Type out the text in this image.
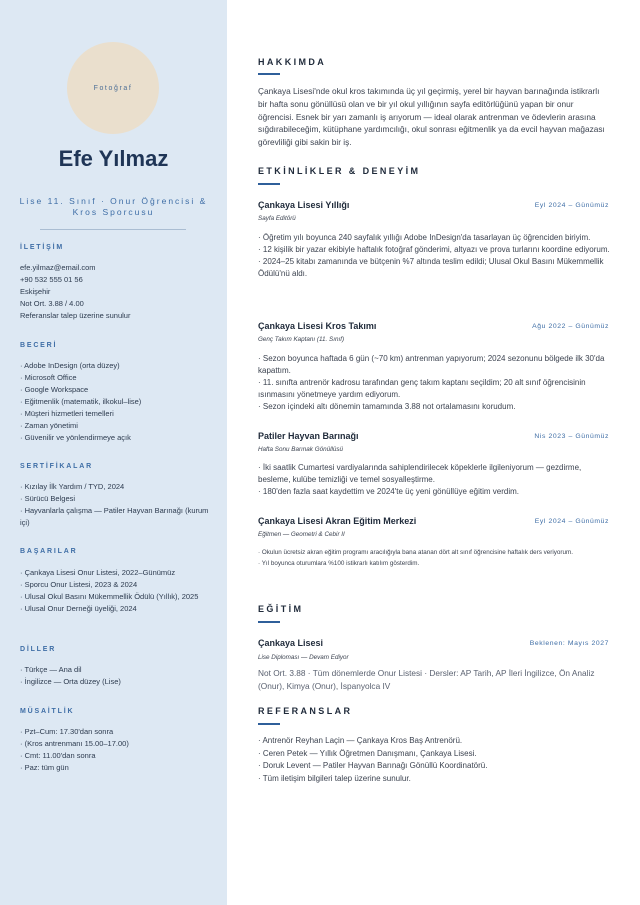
Fotoğraf
Efe Yılmaz
Lise 11. Sınıf · Onur Öğrencisi & Kros Sporcusu
İLETİŞİM
efe.yilmaz@email.com
+90 532 555 01 56
Eskişehir
Not Ort. 3.88 / 4.00
Referanslar talep üzerine sunulur
BECERİ
· Adobe InDesign (orta düzey)
· Microsoft Office
· Google Workspace
· Eğitmenlik (matematik, ilkokul–lise)
· Müşteri hizmetleri temelleri
· Zaman yönetimi
· Güvenilir ve yönlendirmeye açık
SERTİFİKALAR
· Kızılay İlk Yardım / TYD, 2024
· Sürücü Belgesi
· Hayvanlarla çalışma — Patiler Hayvan Barınağı (kurum içi)
BAŞARILAR
· Çankaya Lisesi Onur Listesi, 2022–Günümüz
· Sporcu Onur Listesi, 2023 & 2024
· Ulusal Okul Basını Mükemmellik Ödülü (Yıllık), 2025
· Ulusal Onur Derneği üyeliği, 2024
DİLLER
· Türkçe — Ana dil
· İngilizce — Orta düzey (Lise)
MÜSAİTLİK
· Pzt–Cum: 17.30'dan sonra
· (Kros antrenmanı 15.00–17.00)
· Cmt: 11.00'dan sonra
· Paz: tüm gün
HAKKIMDA

Çankaya Lisesi'nde okul kros takımında üç yıl geçirmiş, yerel bir hayvan barınağında istikrarlı bir hafta sonu gönüllüsü olan ve bir yıl okul yıllığının sayfa editörlüğünü yapan bir onur öğrencisi. Esnek bir yarı zamanlı iş arıyorum — ideal olarak antrenman ve ödevlerin arasına sığdırabileceğim, kütüphane yardımcılığı, okul sonrası eğitmenlik ya da evcil hayvan mağazası görevliliği gibi sakin bir iş.

ETKİNLİKLER & DENEYİM
Çankaya Lisesi Yıllığı	Eyl 2024 – Günümüz
Sayfa Editörü
· Öğretim yılı boyunca 240 sayfalık yıllığı Adobe InDesign'da tasarlayan üç öğrenciden biriyim.
· 12 kişilik bir yazar ekibiyle haftalık fotoğraf gönderimi, altyazı ve prova turlarını koordine ediyorum.
· 2024–25 kitabı zamanında ve bütçenin %7 altında teslim edildi; Ulusal Okul Basını Mükemmellik Ödülü'nü aldı.
Çankaya Lisesi Kros Takımı	Ağu 2022 – Günümüz
Genç Takım Kaptanı (11. Sınıf)
· Sezon boyunca haftada 6 gün (~70 km) antrenman yapıyorum; 2024 sezonunu bölgede ilk 30'da kapattım.
· 11. sınıfta antrenör kadrosu tarafından genç takım kaptanı seçildim; 20 alt sınıf öğrencisinin ısınmasını yönetmeye yardım ediyorum.
· Sezon içindeki altı dönemin tamamında 3.88 not ortalamasını korudum.
Patiler Hayvan Barınağı	Nis 2023 – Günümüz
Hafta Sonu Barınak Gönüllüsü
· İki saatlik Cumartesi vardiyalarında sahiplendirilecek köpeklerle ilgileniyorum — gezdirme, besleme, kulübe temizliği ve temel sosyalleştirme.
· 180'den fazla saat kaydettim ve 2024'te üç yeni gönüllüye eğitim verdim.
Çankaya Lisesi Akran Eğitim Merkezi	Eyl 2024 – Günümüz
Eğitmen — Geometri & Cebir II
· Okulun ücretsiz akran eğitim programı aracılığıyla bana atanan dört alt sınıf öğrencisine haftalık ders veriyorum.
· Yıl boyunca oturumlara %100 istikrarlı katılım gösterdim.
EĞİTİM
Çankaya Lisesi	Beklenen: Mayıs 2027
Lise Diploması — Devam Ediyor
Not Ort. 3.88 · Tüm dönemlerde Onur Listesi · Dersler: AP Tarih, AP İleri İngilizce, Ön Analiz (Onur), Kimya (Onur), İspanyolca IV
REFERANSLAR
· Antrenör Reyhan Laçin — Çankaya Kros Baş Antrenörü.
· Ceren Petek — Yıllık Öğretmen Danışmanı, Çankaya Lisesi.
· Doruk Levent — Patiler Hayvan Barınağı Gönüllü Koordinatörü.
· Tüm iletişim bilgileri talep üzerine sunulur.
